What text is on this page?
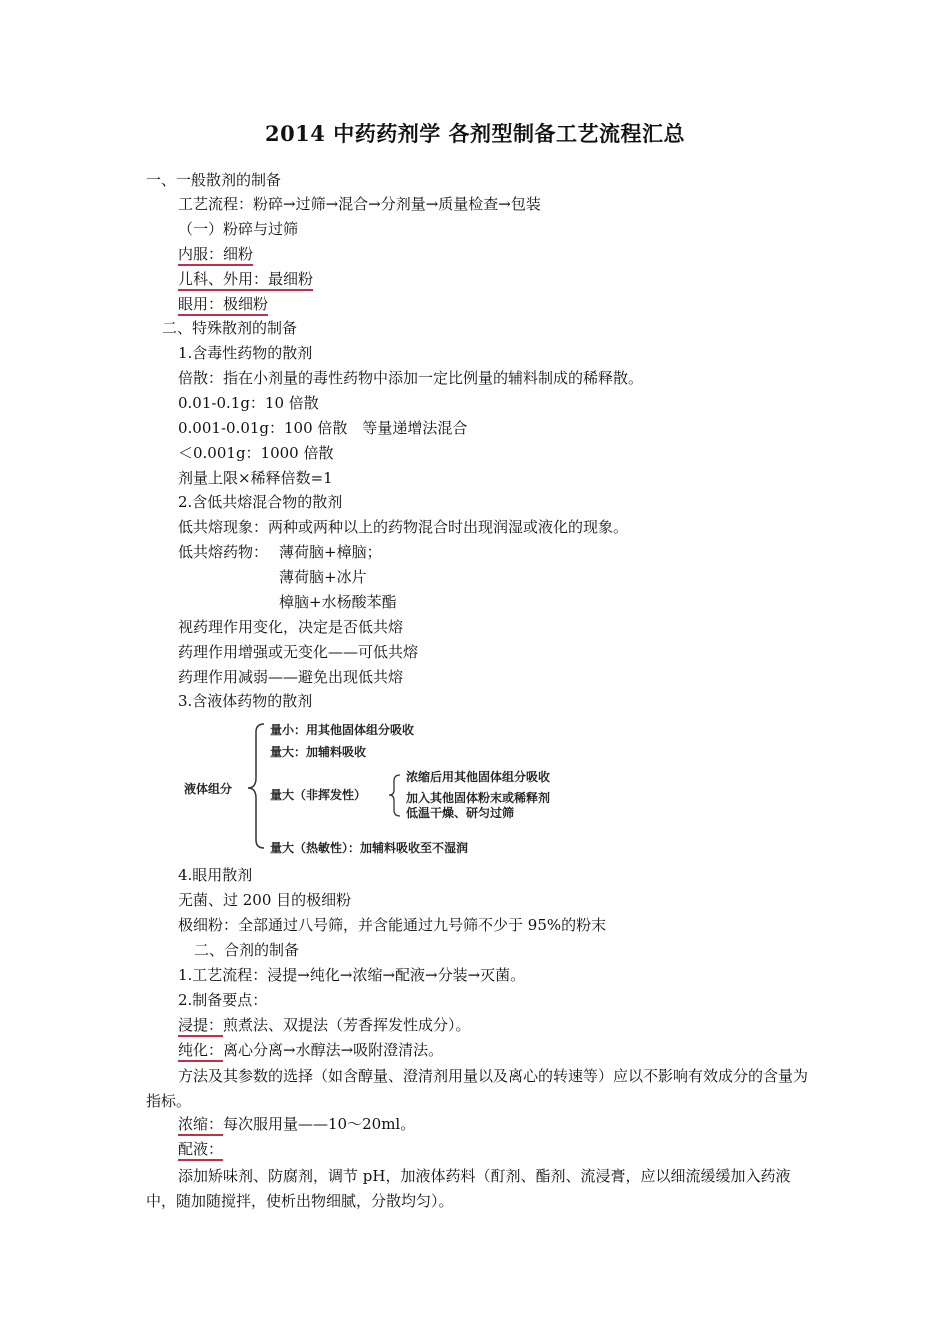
2014 中药药剂学 各剂型制备工艺流程汇总
一、一般散剂的制备
工艺流程：粉碎→过筛→混合→分剂量→质量检查→包装
（一）粉碎与过筛
内服：细粉
儿科、外用：最细粉
眼用：极细粉
二、特殊散剂的制备
1.含毒性药物的散剂
倍散：指在小剂量的毒性药物中添加一定比例量的辅料制成的稀释散。
0.01-0.1g：10 倍散
0.001-0.01g：100 倍散　等量递增法混合
＜0.001g：1000 倍散
剂量上限×稀释倍数=1
2.含低共熔混合物的散剂
低共熔现象：两种或两种以上的药物混合时出现润湿或液化的现象。
低共熔药物： 薄荷脑+樟脑；
薄荷脑+冰片
樟脑+水杨酸苯酯
视药理作用变化，决定是否低共熔
药理作用增强或无变化——可低共熔
药理作用减弱——避免出现低共熔
3.含液体药物的散剂
液体组分
量小：用其他固体组分吸收
量大：加辅料吸收
量大（非挥发性）
浓缩后用其他固体组分吸收
加入其他固体粉末或稀释剂
低温干燥、研匀过筛
量大（热敏性）：加辅料吸收至不湿润
4.眼用散剂
无菌、过 200 目的极细粉
极细粉：全部通过八号筛，并含能通过九号筛不少于 95%的粉末
二、合剂的制备
1.工艺流程：浸提→纯化→浓缩→配液→分装→灭菌。
2.制备要点：
浸提：煎煮法、双提法（芳香挥发性成分）。
纯化：离心分离→水醇法→吸附澄清法。
方法及其参数的选择（如含醇量、澄清剂用量以及离心的转速等）应以不影响有效成分的含量为指标。
浓缩：每次服用量——10～20ml。
配液：
添加矫味剂、防腐剂，调节 pH，加液体药料（酊剂、酯剂、流浸膏，应以细流缓缓加入药液中，随加随搅拌，使析出物细腻，分散均匀）。
